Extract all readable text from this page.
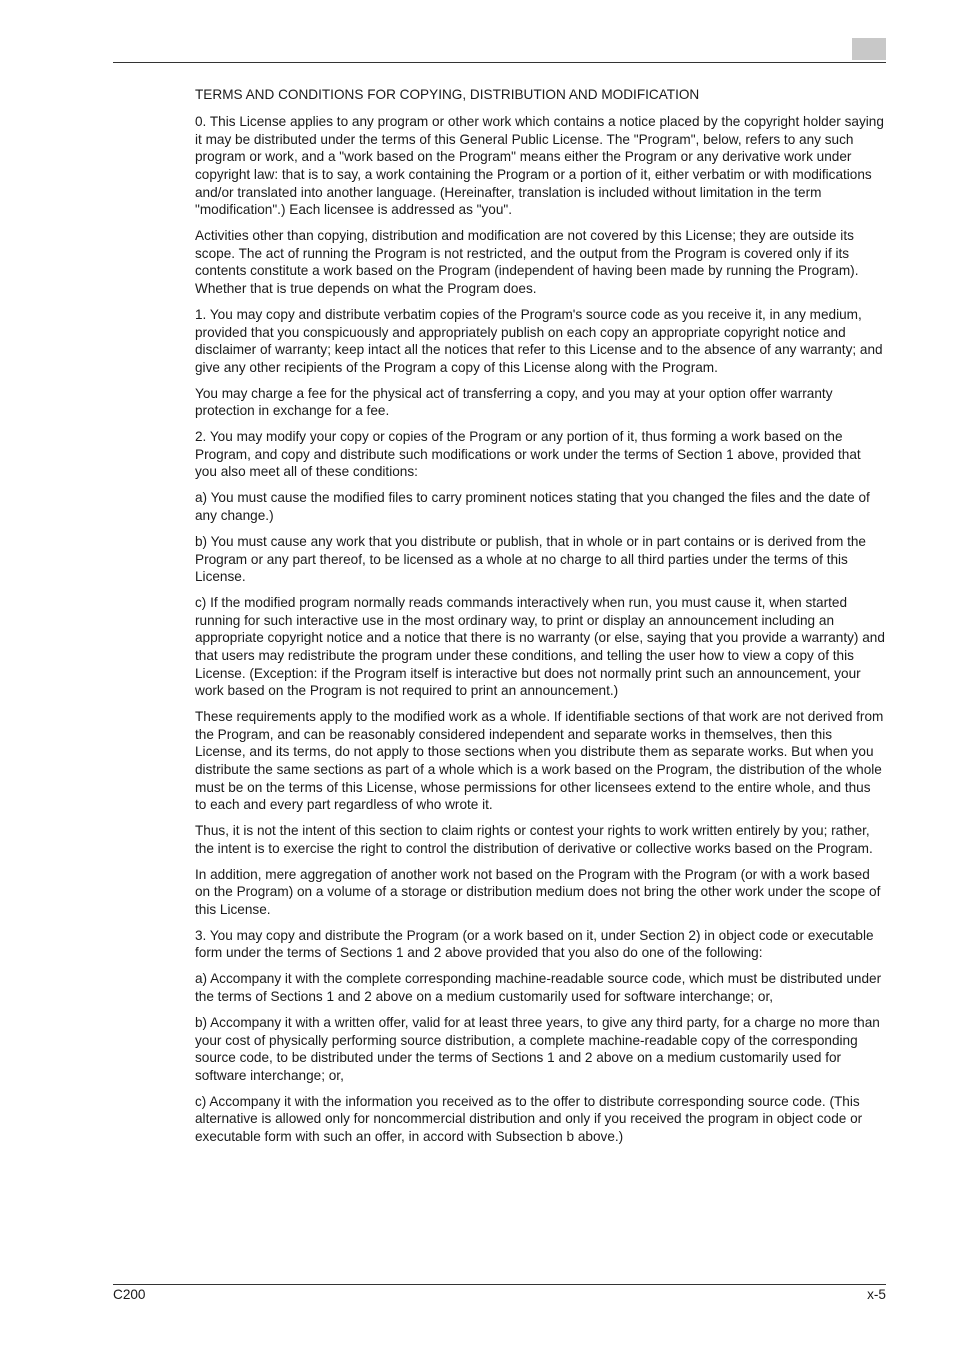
TERMS AND CONDITIONS FOR COPYING, DISTRIBUTION AND MODIFICATION

0. This License applies to any program or other work which contains a notice placed by the copyright holder saying it may be distributed under the terms of this General Public License. The "Program", below, refers to any such program or work, and a "work based on the Program" means either the Program or any derivative work under copyright law: that is to say, a work containing the Program or a portion of it, either verbatim or with modifications and/or translated into another language. (Hereinafter, translation is included without limitation in the term "modification".) Each licensee is addressed as "you".

Activities other than copying, distribution and modification are not covered by this License; they are outside its scope. The act of running the Program is not restricted, and the output from the Program is covered only if its contents constitute a work based on the Program (independent of having been made by running the Program). Whether that is true depends on what the Program does.

1. You may copy and distribute verbatim copies of the Program's source code as you receive it, in any medium, provided that you conspicuously and appropriately publish on each copy an appropriate copyright notice and disclaimer of warranty; keep intact all the notices that refer to this License and to the absence of any warranty; and give any other recipients of the Program a copy of this License along with the Program.

You may charge a fee for the physical act of transferring a copy, and you may at your option offer warranty protection in exchange for a fee.

2. You may modify your copy or copies of the Program or any portion of it, thus forming a work based on the Program, and copy and distribute such modifications or work under the terms of Section 1 above, provided that you also meet all of these conditions:

a) You must cause the modified files to carry prominent notices stating that you changed the files and the date of any change.)

b) You must cause any work that you distribute or publish, that in whole or in part contains or is derived from the Program or any part thereof, to be licensed as a whole at no charge to all third parties under the terms of this License.

c) If the modified program normally reads commands interactively when run, you must cause it, when started running for such interactive use in the most ordinary way, to print or display an announcement including an appropriate copyright notice and a notice that there is no warranty (or else, saying that you provide a warranty) and that users may redistribute the program under these conditions, and telling the user how to view a copy of this License. (Exception: if the Program itself is interactive but does not normally print such an announcement, your work based on the Program is not required to print an announcement.)

These requirements apply to the modified work as a whole. If identifiable sections of that work are not derived from the Program, and can be reasonably considered independent and separate works in themselves, then this License, and its terms, do not apply to those sections when you distribute them as separate works. But when you distribute the same sections as part of a whole which is a work based on the Program, the distribution of the whole must be on the terms of this License, whose permissions for other licensees extend to the entire whole, and thus to each and every part regardless of who wrote it.

Thus, it is not the intent of this section to claim rights or contest your rights to work written entirely by you; rather, the intent is to exercise the right to control the distribution of derivative or collective works based on the Program.

In addition, mere aggregation of another work not based on the Program with the Program (or with a work based on the Program) on a volume of a storage or distribution medium does not bring the other work under the scope of this License.

3. You may copy and distribute the Program (or a work based on it, under Section 2) in object code or executable form under the terms of Sections 1 and 2 above provided that you also do one of the following:

a) Accompany it with the complete corresponding machine-readable source code, which must be distributed under the terms of Sections 1 and 2 above on a medium customarily used for software interchange; or,

b) Accompany it with a written offer, valid for at least three years, to give any third party, for a charge no more than your cost of physically performing source distribution, a complete machine-readable copy of the corresponding source code, to be distributed under the terms of Sections 1 and 2 above on a medium customarily used for software interchange; or,

c) Accompany it with the information you received as to the offer to distribute corresponding source code. (This alternative is allowed only for noncommercial distribution and only if you received the program in object code or executable form with such an offer, in accord with Subsection b above.)

C200	x-5
